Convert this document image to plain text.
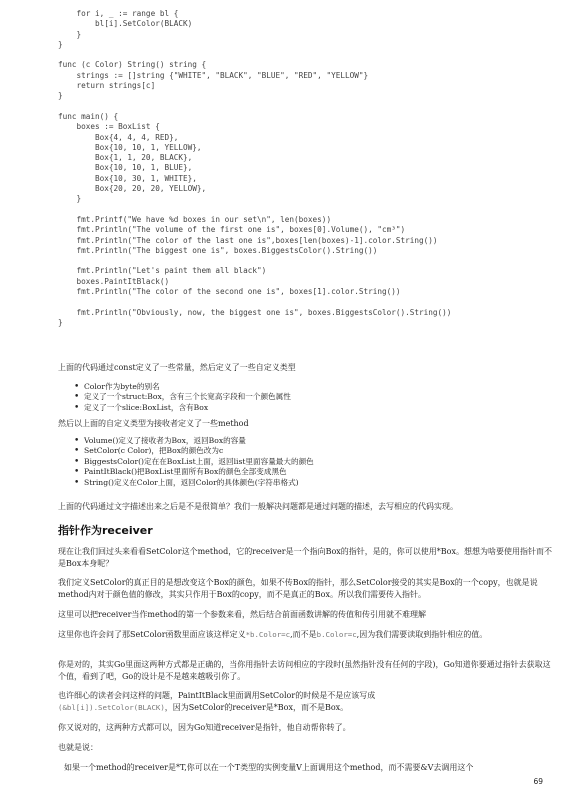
for i, _ := range bl {
bl[i].SetColor(BLACK)
}
}

func (c Color) String() string {
strings := []string {"WHITE", "BLACK", "BLUE", "RED", "YELLOW"}
return strings[c]
}

func main() {
boxes := BoxList {
Box{4, 4, 4, RED},
Box{10, 10, 1, YELLOW},
Box{1, 1, 20, BLACK},
Box{10, 10, 1, BLUE},
Box{10, 30, 1, WHITE},
Box{20, 20, 20, YELLOW},
}

fmt.Printf("We have %d boxes in our set\n", len(boxes))
fmt.Println("The volume of the first one is", boxes[0].Volume(), "cm³")
fmt.Println("The color of the last one is",boxes[len(boxes)-1].color.String())
fmt.Println("The biggest one is", boxes.BiggestsColor().String())

fmt.Println("Let's paint them all black")
boxes.PaintItBlack()
fmt.Println("The color of the second one is", boxes[1].color.String())

fmt.Println("Obviously, now, the biggest one is", boxes.BiggestsColor().String())
}

上面的代码通过const定义了一些常量，然后定义了一些自定义类型

• Color作为byte的别名
• 定义了一个struct:Box，含有三个长宽高字段和一个颜色属性
• 定义了一个slice:BoxList，含有Box

然后以上面的自定义类型为接收者定义了一些method

• Volume()定义了接收者为Box，返回Box的容量
• SetColor(c Color)，把Box的颜色改为c
• BiggestsColor()定在在BoxList上面，返回list里面容量最大的颜色
• PaintItBlack()把BoxList里面所有Box的颜色全部变成黑色
• String()定义在Color上面，返回Color的具体颜色(字符串格式)

上面的代码通过文字描述出来之后是不是很简单？我们一般解决问题都是通过问题的描述，去写相应的代码实现。

指针作为receiver

现在让我们回过头来看看SetColor这个method，它的receiver是一个指向Box的指针，是的，你可以使用*Box。想想为啥要使用指针而不是Box本身呢？

我们定义SetColor的真正目的是想改变这个Box的颜色，如果不传Box的指针，那么SetColor接受的其实是Box的一个copy，也就是说method内对于颜色值的修改，其实只作用于Box的copy，而不是真正的Box。所以我们需要传入指针。

这里可以把receiver当作method的第一个参数来看，然后结合前面函数讲解的传值和传引用就不难理解

这里你也许会问了那SetColor函数里面应该这样定义*b.Color=c,而不是b.Color=c,因为我们需要读取到指针相应的值。

你是对的，其实Go里面这两种方式都是正确的，当你用指针去访问相应的字段时(虽然指针没有任何的字段)，Go知道你要通过指针去获取这个值，看到了吧，Go的设计是不是越来越吸引你了。

也许细心的读者会问这样的问题，PaintItBlack里面调用SetColor的时候是不是应该写成
(&bl[i]).SetColor(BLACK)，因为SetColor的receiver是*Box，而不是Box。

你又说对的，这两种方式都可以，因为Go知道receiver是指针，他自动帮你转了。

也就是说：

如果一个method的receiver是*T,你可以在一个T类型的实例变量V上面调用这个method，而不需要&V去调用这个

69
